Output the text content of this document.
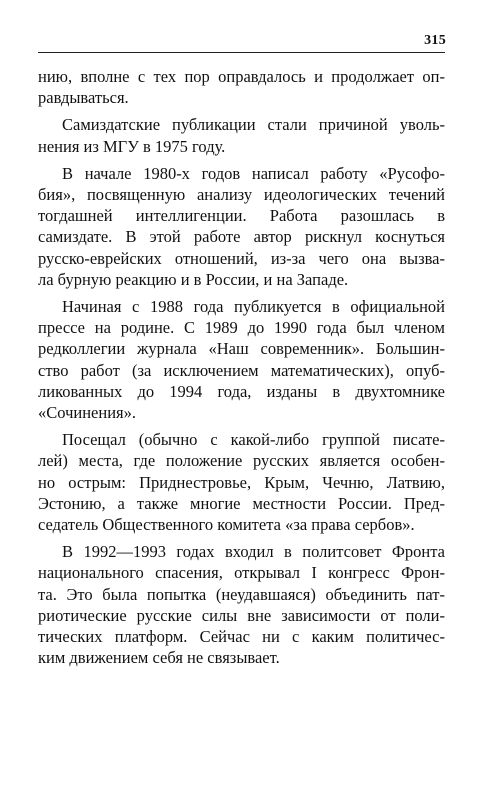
315
нию, вполне с тех пор оправдалось и продолжает оп-
равдываться.
Самиздатские публикации стали причиной уволь-
нения из МГУ в 1975 году.
В начале 1980-х годов написал работу «Русофо-
бия», посвященную анализу идеологических течений
тогдашней интеллигенции. Работа разошлась в
самиздате. В этой работе автор рискнул коснуться
русско-еврейских отношений, из-за чего она вызва-
ла бурную реакцию и в России, и на Западе.
Начиная с 1988 года публикуется в официальной
прессе на родине. С 1989 до 1990 года был членом
редколлегии журнала «Наш современник». Большин-
ство работ (за исключением математических), опуб-
ликованных до 1994 года, изданы в двухтомнике
«Сочинения».
Посещал (обычно с какой-либо группой писате-
лей) места, где положение русских является особен-
но острым: Приднестровье, Крым, Чечню, Латвию,
Эстонию, а также многие местности России. Пред-
седатель Общественного комитета «за права сербов».
В 1992—1993 годах входил в политсовет Фронта
национального спасения, открывал I конгресс Фрон-
та. Это была попытка (неудавшаяся) объединить пат-
риотические русские силы вне зависимости от поли-
тических платформ. Сейчас ни с каким политичес-
ким движением себя не связывает.
